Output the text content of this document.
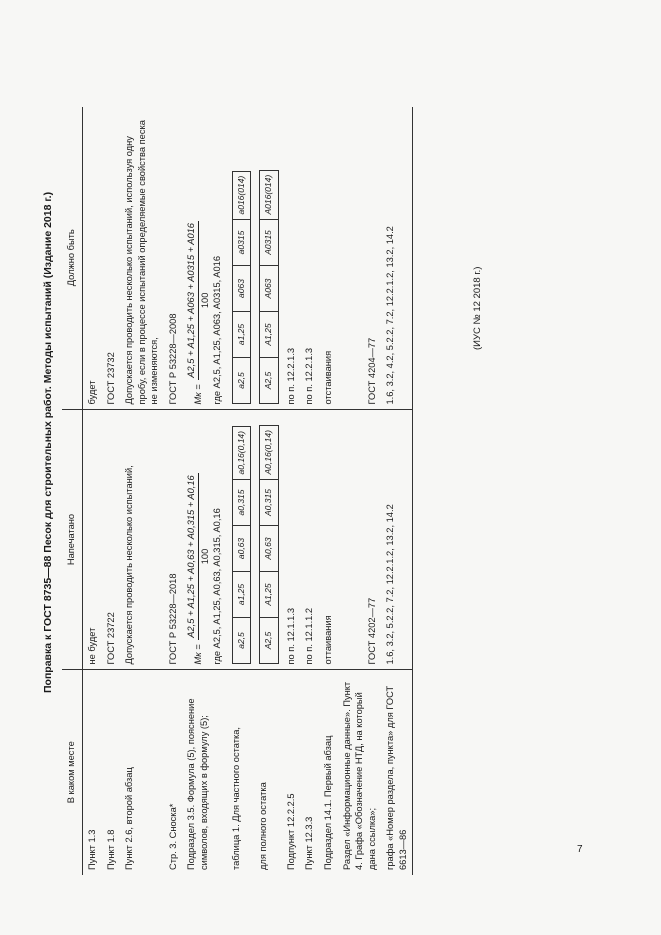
Поправка к ГОСТ 8735—88 Песок для строительных работ. Методы испытаний (Издание 2018 г.)
В каком месте	Напечатано	Должно быть
Пункт 1.3	не будет	будет
Пункт 1.8	ГОСТ 23722	ГОСТ 23732
Пункт 2.6, второй абзац	Допускается проводить несколько испытаний,	Допускается проводить несколько испытаний, используя одну пробу, если в процессе испытаний определяемые свойства песка не изменяются,
Стр. 3. Сноска*	ГОСТ Р 53228—2018	ГОСТ Р 53228—2008
Подраздел 3.5. Формула (5), пояснение символов, входящих в формулу (5);	Мк =
A2,5 + A1,25 + A0,63 + A0,315 + A0,16 100 где A2,5, A1,25, A0,63, A0,315, A0,16
	Мк =
A2,5 + A1,25 + A063 + A0315 + A016 100 где A2,5, A1,25, A063, A0315, A016

таблица 1. Для частного остатка,	
a2,5	a1,25	a0,63	a0,315	a0,16(0,14)

a2,5	a1,25	a063	a0315	a016(014)

для полного остатка	
A2,5	A1,25	A0,63	A0,315	A0,16(0,14)

A2,5	A1,25	A063	A0315	A016(014)

Подпункт 12.2.2.5	по п. 12.1.1.3	по п. 12.2.1.3
Пункт 12.3.3	по п. 12.1.1.2	по п. 12.2.1.3
Подраздел 14.1. Первый абзац	оттаивания	отстаивания
Раздел «Информационные данные». Пункт 4. Графа «Обозначение НТД, на который дана ссылка»;	ГОСТ 4202—77	ГОСТ 4204—77
графа «Номер раздела, пункта» для ГОСТ 6613—86	1.6, 3.2, 5.2.2, 7.2, 12.2.1.2, 13.2, 14.2	1.6, 3.2, 4.2, 5.2.2, 7.2, 12.2.1.2, 13.2, 14.2	(ИУС № 12 2018 г.)
7
